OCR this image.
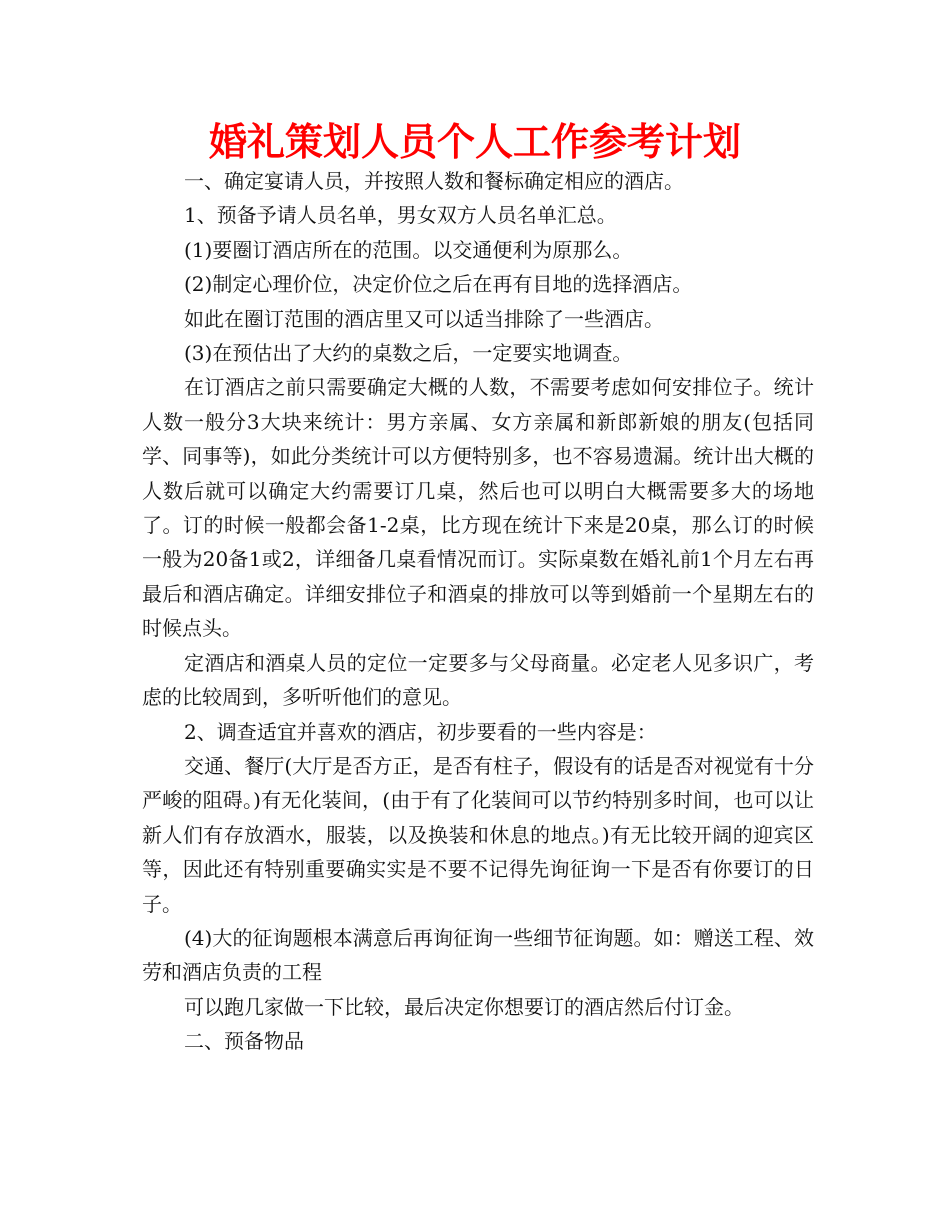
婚礼策划人员个人工作参考计划

一、确定宴请人员，并按照人数和餐标确定相应的酒店。

1、预备予请人员名单，男女双方人员名单汇总。

(1)要圈订酒店所在的范围。以交通便利为原那么。

(2)制定心理价位，决定价位之后在再有目地的选择酒店。

如此在圈订范围的酒店里又可以适当排除了一些酒店。

(3)在预估出了大约的桌数之后，一定要实地调查。

在订酒店之前只需要确定大概的人数，不需要考虑如何安排位子。统计人数一般分3大块来统计：男方亲属、女方亲属和新郎新娘的朋友(包括同学、同事等)，如此分类统计可以方便特别多，也不容易遗漏。统计出大概的人数后就可以确定大约需要订几桌，然后也可以明白大概需要多大的场地了。订的时候一般都会备1-2桌，比方现在统计下来是20桌，那么订的时候一般为20备1或2，详细备几桌看情况而订。实际桌数在婚礼前1个月左右再最后和酒店确定。详细安排位子和酒桌的排放可以等到婚前一个星期左右的时候点头。

定酒店和酒桌人员的定位一定要多与父母商量。必定老人见多识广，考虑的比较周到，多听听他们的意见。

2、调查适宜并喜欢的酒店，初步要看的一些内容是：

交通、餐厅(大厅是否方正，是否有柱子，假设有的话是否对视觉有十分严峻的阻碍。)有无化装间，(由于有了化装间可以节约特别多时间，也可以让新人们有存放酒水，服装，以及换装和休息的地点。)有无比较开阔的迎宾区等，因此还有特别重要确实实是不要不记得先询征询一下是否有你要订的日子。

(4)大的征询题根本满意后再询征询一些细节征询题。如：赠送工程、效劳和酒店负责的工程

可以跑几家做一下比较，最后决定你想要订的酒店然后付订金。

二、预备物品
